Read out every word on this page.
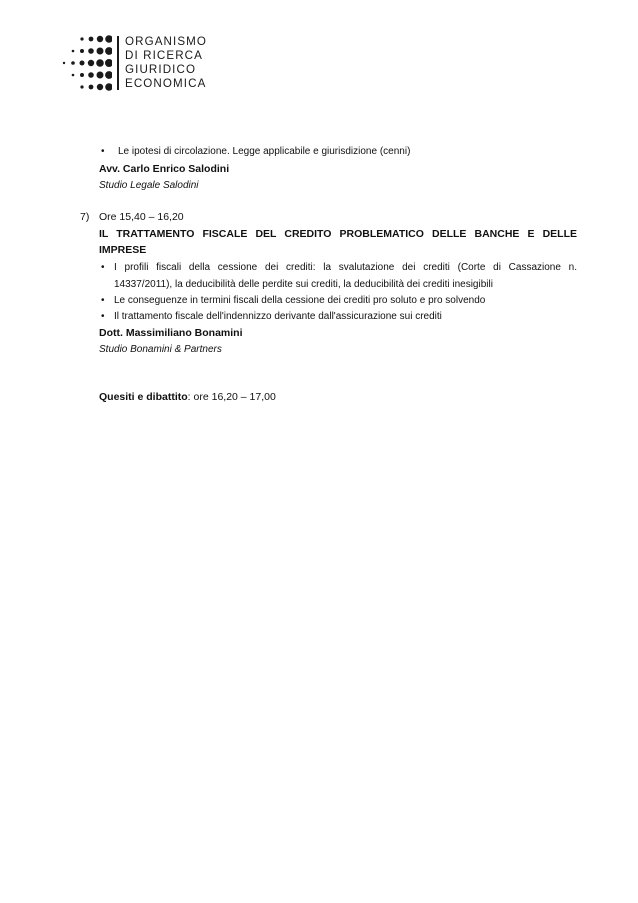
ORGANISMO
DI RICERCA
GIURIDICO
ECONOMICA
• Le ipotesi di circolazione. Legge applicabile e giurisdizione (cenni)
Avv. Carlo Enrico Salodini
Studio Legale Salodini
7) Ore 15,40 – 16,20
IL TRATTAMENTO FISCALE DEL CREDITO PROBLEMATICO DELLE BANCHE E DELLE
IMPRESE
• I profili fiscali della cessione dei crediti: la svalutazione dei crediti (Corte di Cassazione n.
14337/2011), la deducibilità delle perdite sui crediti, la deducibilità dei crediti inesigibili
• Le conseguenze in termini fiscali della cessione dei crediti pro soluto e pro solvendo
• Il trattamento fiscale dell'indennizzo derivante dall'assicurazione sui crediti
Dott. Massimiliano Bonamini
Studio Bonamini & Partners
Quesiti e dibattito: ore 16,20 – 17,00
